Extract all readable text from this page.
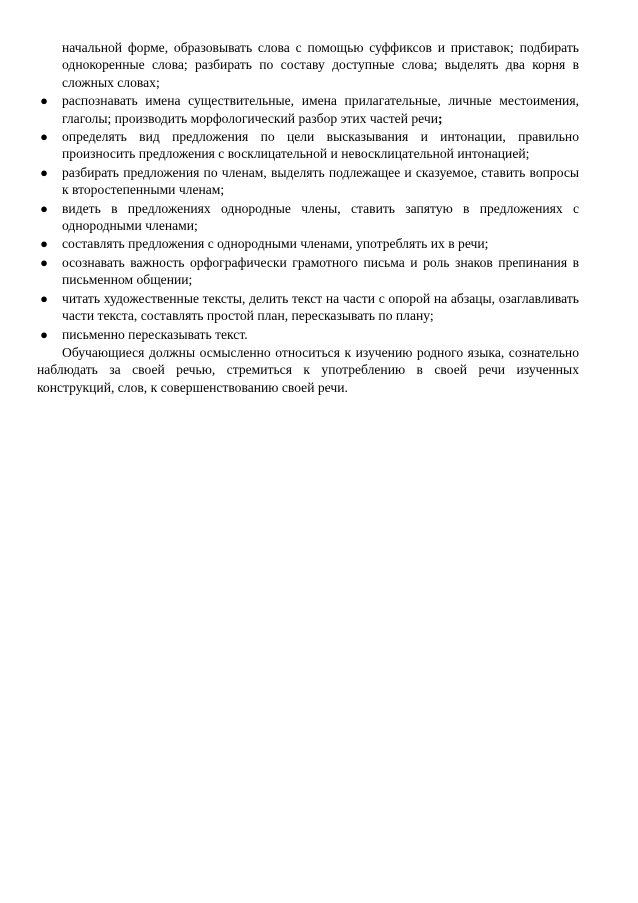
начальной форме, образовывать слова с помощью суффиксов и приставок; подбирать однокоренные слова; разбирать по составу доступные слова; выделять два корня в сложных словах;
● распознавать имена существительные, имена прилагательные, личные местоимения, глаголы; производить морфологический разбор этих частей речи;
● определять вид предложения по цели высказывания и интонации, правильно произносить предложения с восклицательной и невосклицательной интонацией;
● разбирать предложения по членам, выделять подлежащее и сказуемое, ставить вопросы к второстепенными членам;
● видеть в предложениях однородные члены, ставить запятую в предложениях с однородными членами;
● составлять предложения с однородными членами, употреблять их в речи;
● осознавать важность орфографически грамотного письма и роль знаков препинания в письменном общении;
● читать художественные тексты, делить текст на части с опорой на абзацы, озаглавливать части текста, составлять простой план, пересказывать по плану;
● письменно пересказывать текст.
Обучающиеся должны осмысленно относиться к изучению родного языка, сознательно наблюдать за своей речью, стремиться к употреблению в своей речи изученных конструкций, слов, к совершенствованию своей речи.
